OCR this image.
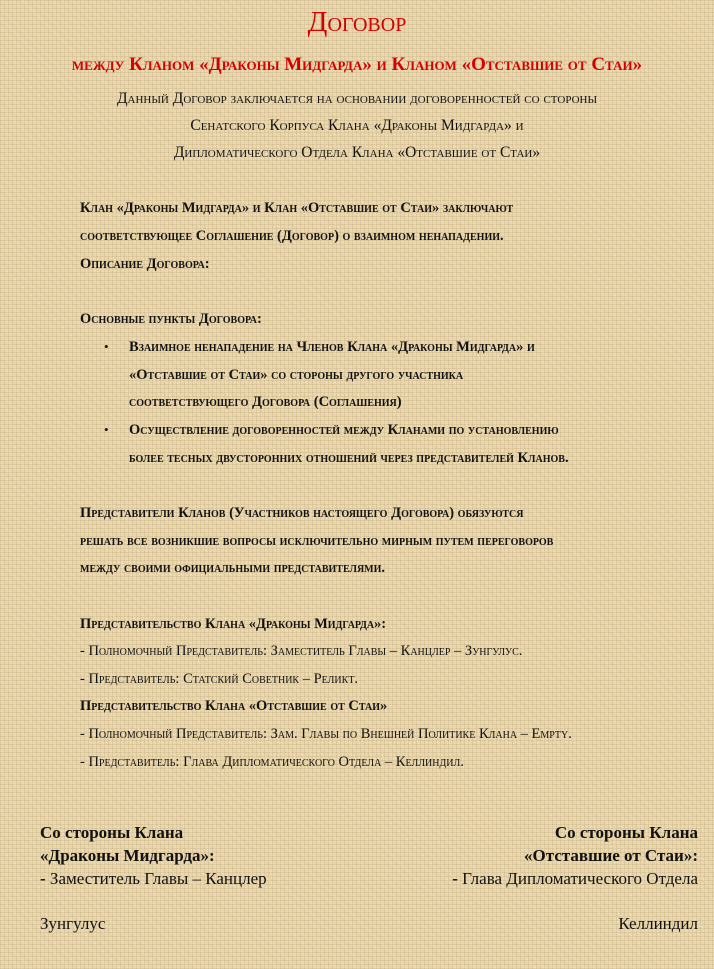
Договор
между Кланом «Драконы Мидгарда» и Кланом «Отставшие от Стаи»
Данный Договор заключается на основании договоренностей со стороны
Сенатского Корпуса Клана «Драконы Мидгарда» и
Дипломатического Отдела Клана «Отставшие от Стаи»
Клан «Драконы Мидгарда» и Клан «Отставшие от Стаи» заключают
соответствующее Соглашение (Договор) о взаимном ненападении.
Описание Договора:
Основные пункты Договора:
• Взаимное ненападение на Членов Клана «Драконы Мидгарда» и
«Отставшие от Стаи» со стороны другого участника
соответствующего Договора (Соглашения)
• Осуществление договоренностей между Кланами по установлению
более тесных двусторонних отношений через представителей Кланов.
Представители Кланов (Участников настоящего Договора) обязуются
решать все возникшие вопросы исключительно мирным путем переговоров
между своими официальными представителями.
Представительство Клана «Драконы Мидгарда»:
- Полномочный Представитель: Заместитель Главы – Канцлер – Зунгулус.
- Представитель: Статский Советник – Реликт.
Представительство Клана «Отставшие от Стаи»
- Полномочный Представитель: Зам. Главы по Внешней Политике Клана – Empty.
- Представитель: Глава Дипломатического Отдела – Келлиндил.
Со стороны Клана
«Драконы Мидгарда»:
- Заместитель Главы – Канцлер
Зунгулус
Со стороны Клана
«Отставшие от Стаи»:
- Глава Дипломатического Отдела
Келлиндил
